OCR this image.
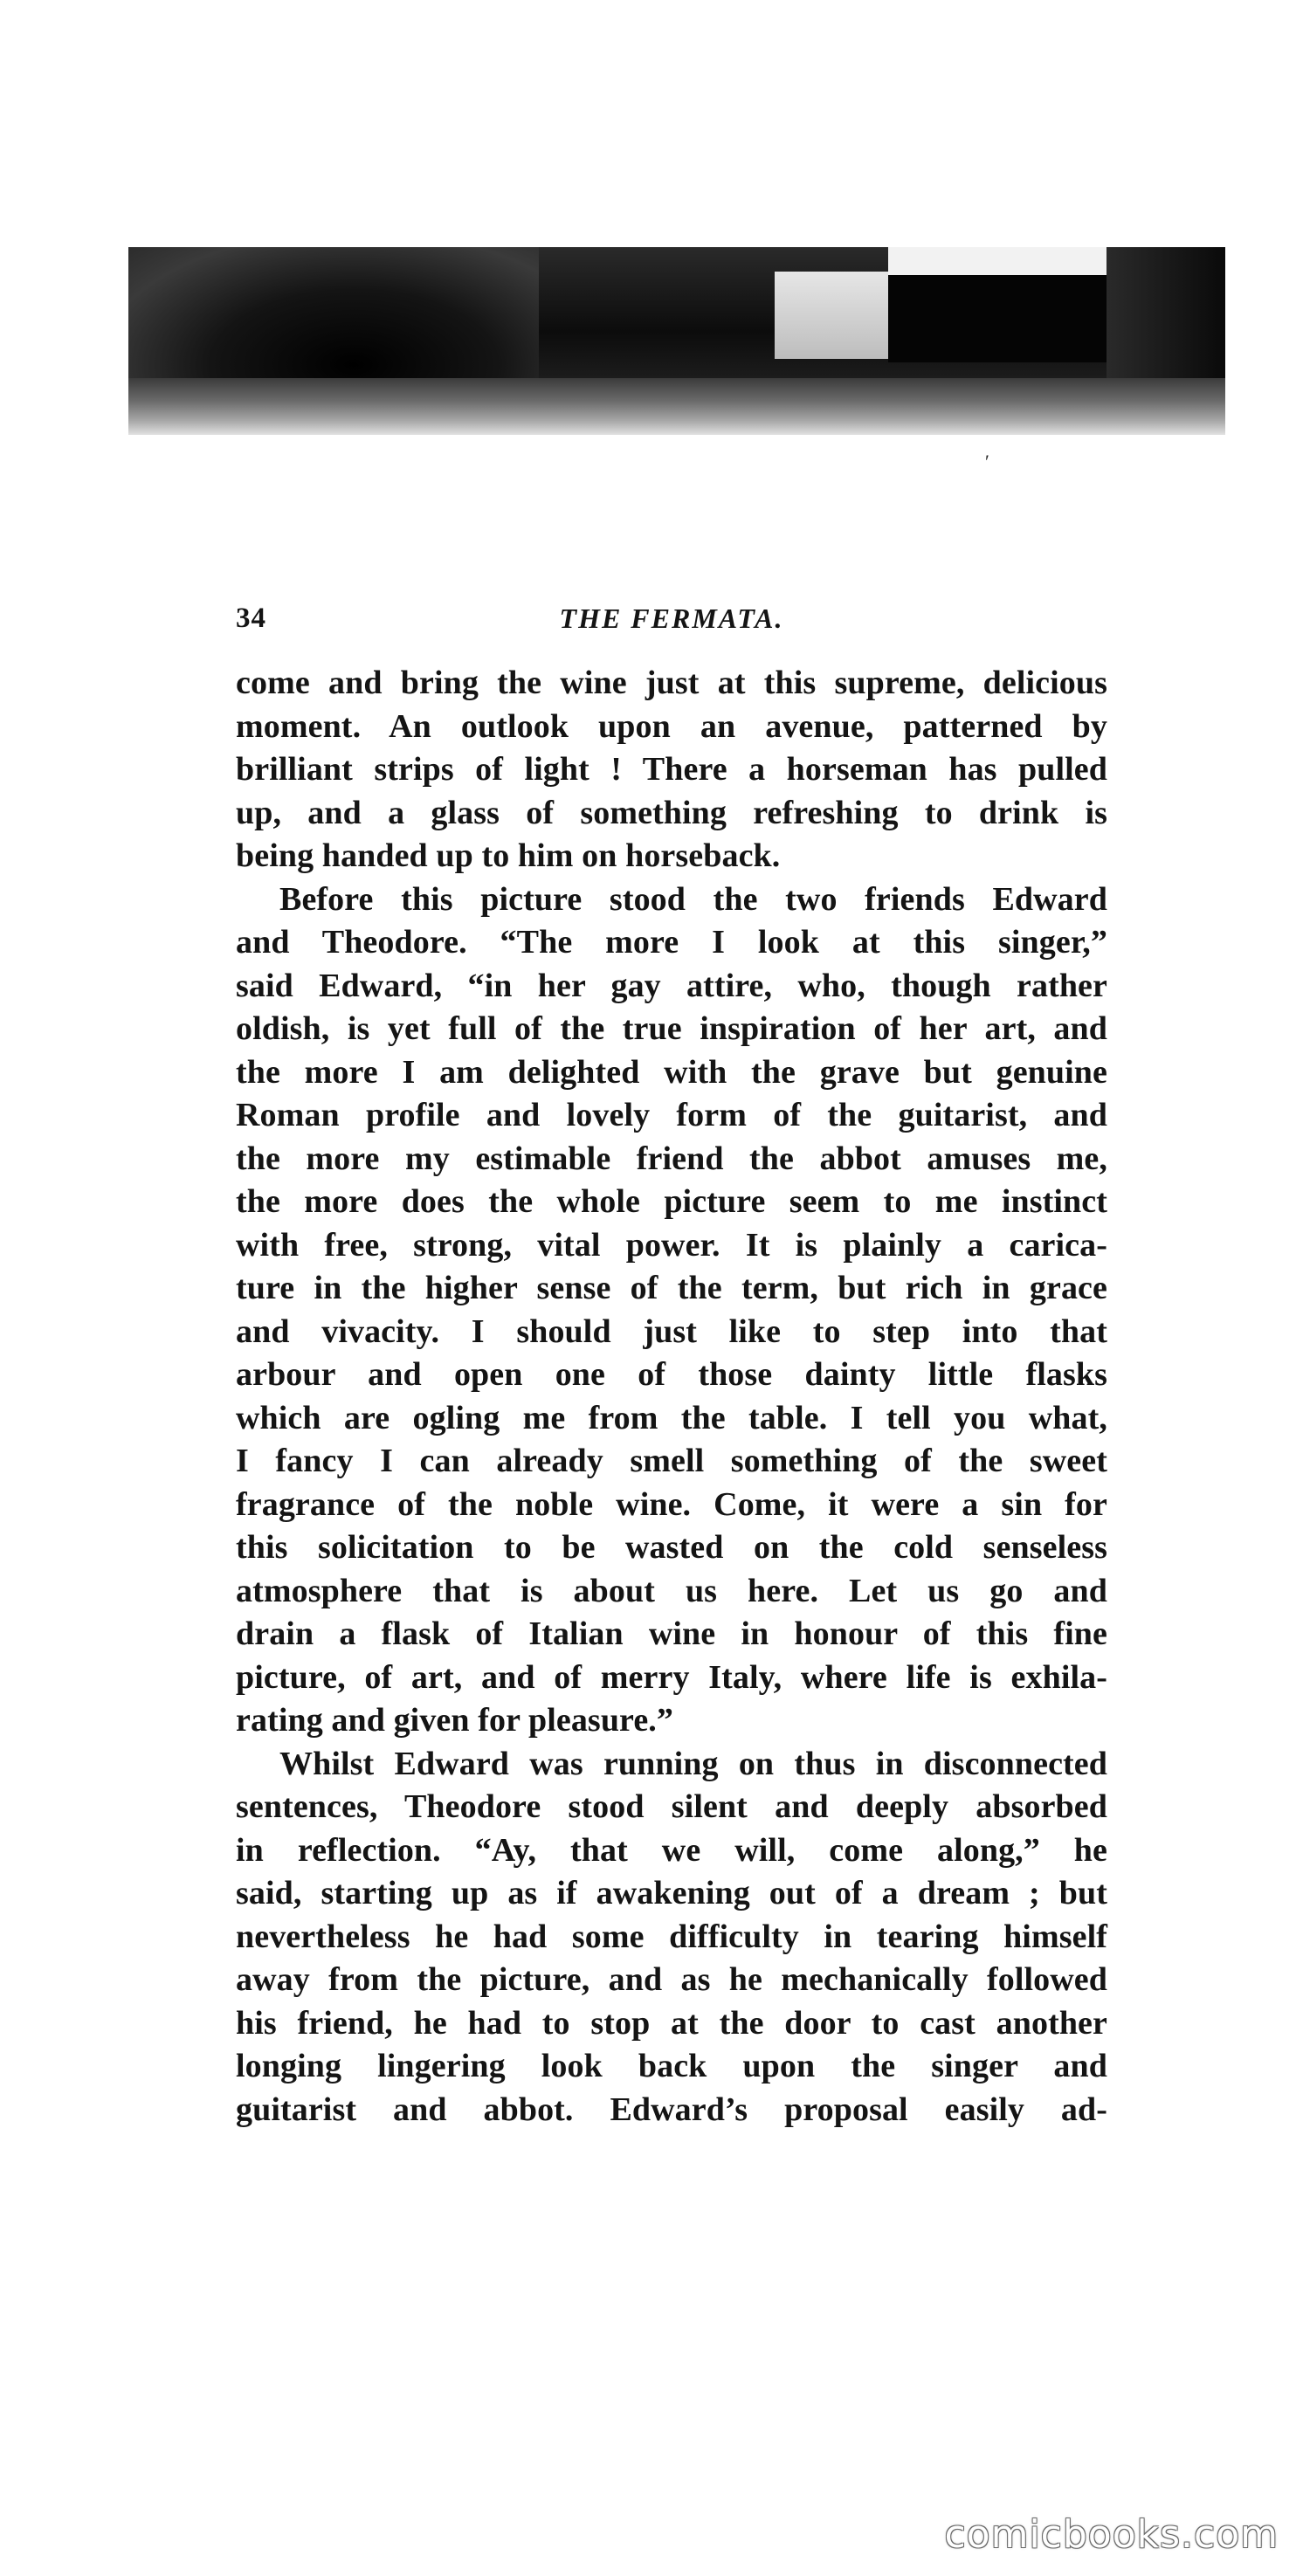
′
34	THE FERMATA.
come and bring the wine just at this supreme, delicious
moment. An outlook upon an avenue, patterned by
brilliant strips of light ! There a horseman has pulled
up, and a glass of something refreshing to drink is
being handed up to him on horseback.
Before this picture stood the two friends Edward
and Theodore. “The more I look at this singer,”
said Edward, “in her gay attire, who, though rather
oldish, is yet full of the true inspiration of her art, and
the more I am delighted with the grave but genuine
Roman profile and lovely form of the guitarist, and
the more my estimable friend the abbot amuses me,
the more does the whole picture seem to me instinct
with free, strong, vital power. It is plainly a carica-
ture in the higher sense of the term, but rich in grace
and vivacity. I should just like to step into that
arbour and open one of those dainty little flasks
which are ogling me from the table. I tell you what,
I fancy I can already smell something of the sweet
fragrance of the noble wine. Come, it were a sin for
this solicitation to be wasted on the cold senseless
atmosphere that is about us here. Let us go and
drain a flask of Italian wine in honour of this fine
picture, of art, and of merry Italy, where life is exhila-
rating and given for pleasure.”
Whilst Edward was running on thus in disconnected
sentences, Theodore stood silent and deeply absorbed
in reflection. “Ay, that we will, come along,” he
said, starting up as if awakening out of a dream ; but
nevertheless he had some difficulty in tearing himself
away from the picture, and as he mechanically followed
his friend, he had to stop at the door to cast another
longing lingering look back upon the singer and
guitarist and abbot. Edward’s proposal easily ad-
comicbooks.com
